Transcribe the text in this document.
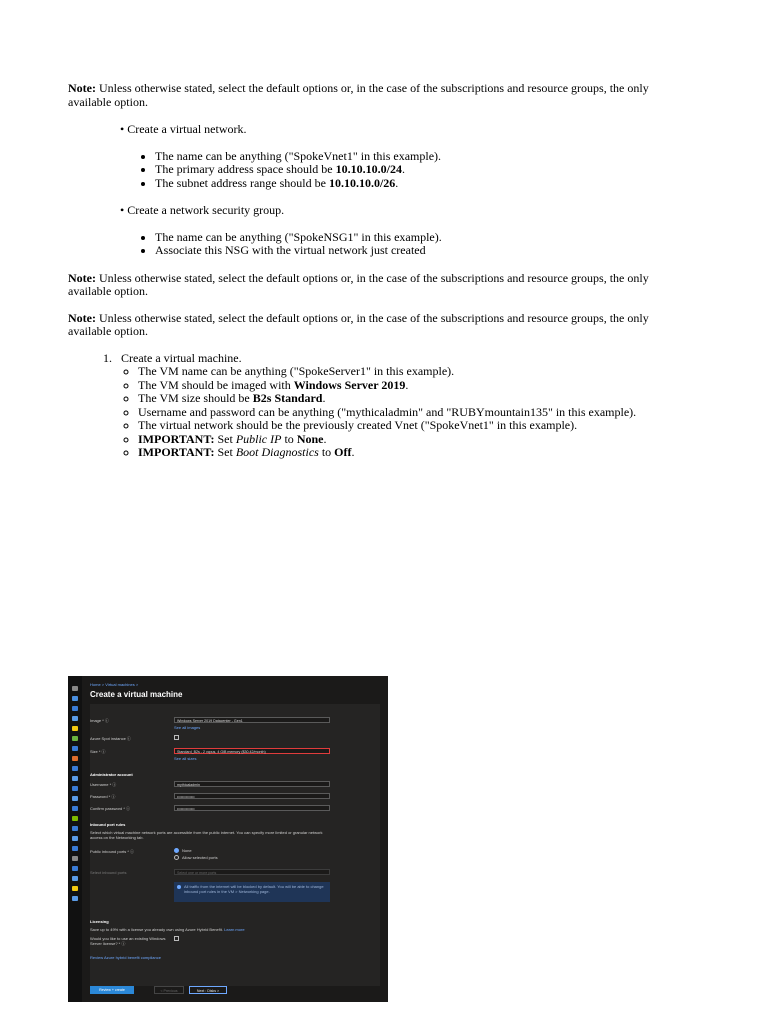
Note: Unless otherwise stated, select the default options or, in the case of the subscriptions and resource groups, the only available option.

• Create a virtual network.
• The name can be anything ("SpokeVnet1" in this example).
• The primary address space should be 10.10.10.0/24.
• The subnet address range should be 10.10.10.0/26.
• Create a network security group.
• The name can be anything ("SpokeNSG1" in this example).
• Associate this NSG with the virtual network just created

Note: Unless otherwise stated, select the default options or, in the case of the subscriptions and resource groups, the only available option.

Note: Unless otherwise stated, select the default options or, in the case of the subscriptions and resource groups, the only available option.

1. Create a virtual machine.
◦ The VM name can be anything ("SpokeServer1" in this example).
◦ The VM should be imaged with Windows Server 2019.
◦ The VM size should be B2s Standard.
◦ Username and password can be anything ("mythicaladmin" and "RUBYmountain135" in this example).
◦ The virtual network should be the previously created Vnet ("SpokeVnet1" in this example).
◦ IMPORTANT: Set Public IP to None.
◦ IMPORTANT: Set Boot Diagnostics to Off.
Home > Virtual machines >
Create a virtual machine
Image * ⓘ	Windows Server 2019 Datacenter - Gen1
See all images
Azure Spot instance ⓘ
Size * ⓘ	Standard_B2s - 2 vcpus, 4 GiB memory ($30.42/month)
See all sizes
Administrator account
Username * ⓘ	mythicaladmin
Password * ⓘ	••••••••••••••
Confirm password * ⓘ	••••••••••••••
Inbound port rules
Select which virtual machine network ports are accessible from the public internet. You can specify more limited or granular network access on the Networking tab.
Public inbound ports * ⓘ	None
Allow selected ports
Select inbound ports	Select one or more ports
All traffic from the internet will be blocked by default. You will be able to change inbound port rules in the VM > Networking page.
Licensing
Save up to 49% with a license you already own using Azure Hybrid Benefit. Learn more
Would you like to use an existing Windows Server license? * ⓘ
Review Azure hybrid benefit compliance
Review + create	< Previous	Next : Disks >
